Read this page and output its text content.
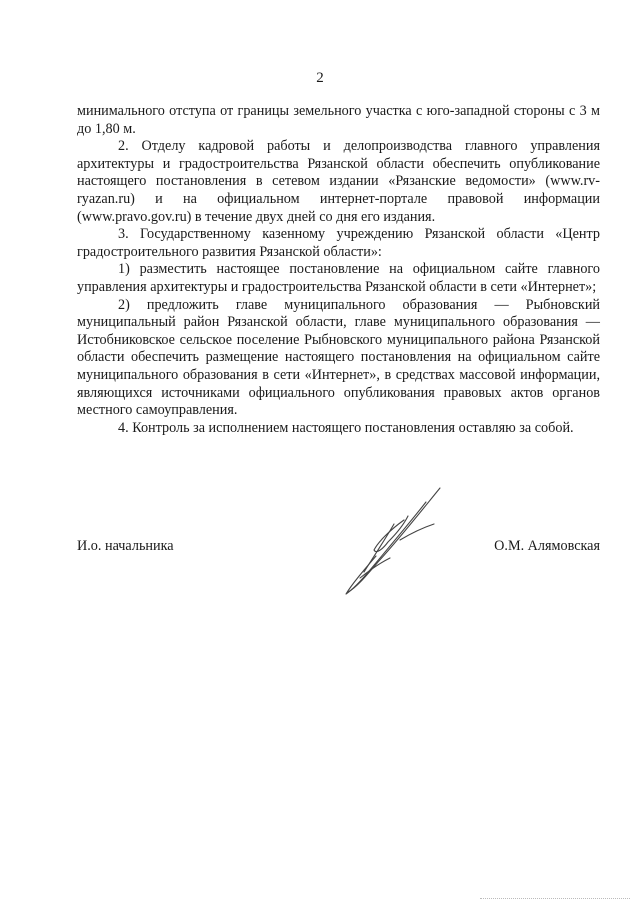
2

минимального отступа от границы земельного участка с юго-западной стороны с 3 м до 1,80 м.

2. Отделу кадровой работы и делопроизводства главного управления архитектуры и градостроительства Рязанской области обеспечить опубликование настоящего постановления в сетевом издании «Рязанские ведомости» (www.rv-ryazan.ru) и на официальном интернет-портале правовой информации (www.pravo.gov.ru) в течение двух дней со дня его издания.

3. Государственному казенному учреждению Рязанской области «Центр градостроительного развития Рязанской области»:

1) разместить настоящее постановление на официальном сайте главного управления архитектуры и градостроительства Рязанской области в сети «Интернет»;

2) предложить главе муниципального образования — Рыбновский муниципальный район Рязанской области, главе муниципального образования — Истобниковское сельское поселение Рыбновского муниципального района Рязанской области обеспечить размещение настоящего постановления на официальном сайте муниципального образования в сети «Интернет», в средствах массовой информации, являющихся источниками официального опубликования правовых актов органов местного самоуправления.

4. Контроль за исполнением настоящего постановления оставляю за собой.

И.о. начальника	О.М. Алямовская
